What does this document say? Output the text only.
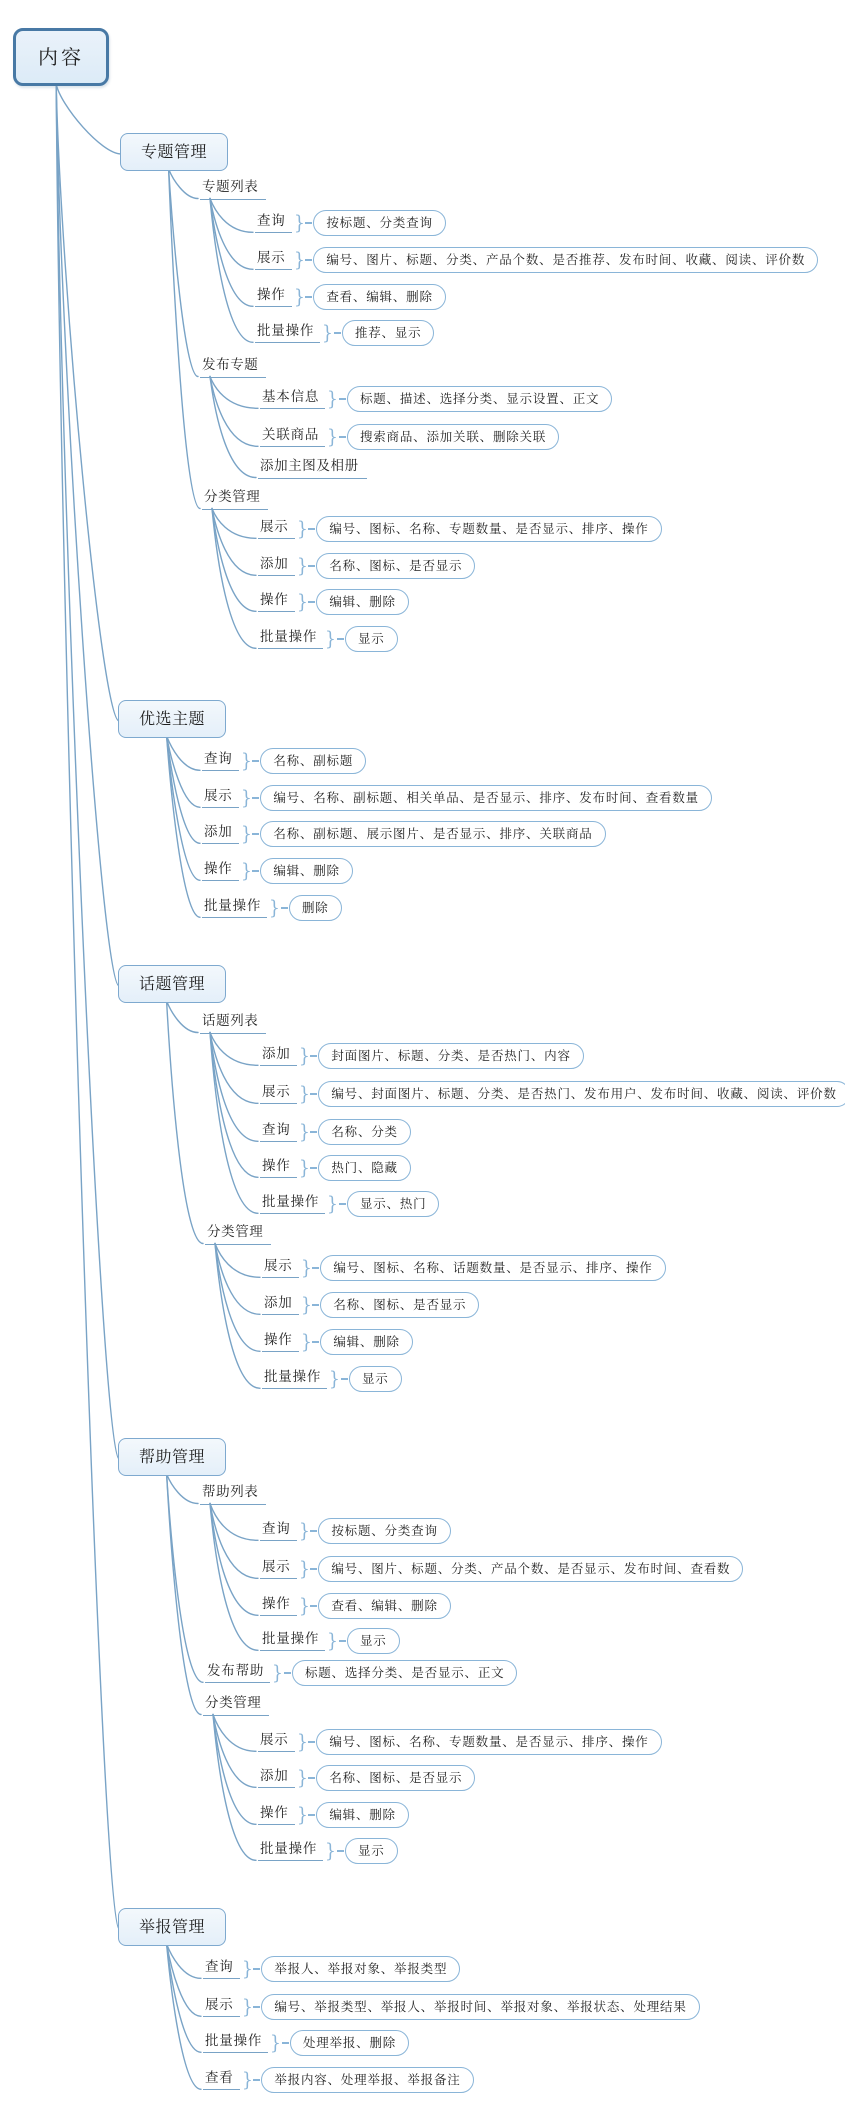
内容
专题管理
专题列表
查询 }	按标题、分类查询
展示 }	编号、图片、标题、分类、产品个数、是否推荐、发布时间、收藏、阅读、评价数
操作 }	查看、编辑、删除
批量操作 }	推荐、显示
发布专题
基本信息 }	标题、描述、选择分类、显示设置、正文
关联商品 }	搜索商品、添加关联、删除关联
添加主图及相册
分类管理
展示 }	编号、图标、名称、专题数量、是否显示、排序、操作
添加 }	名称、图标、是否显示
操作 }	编辑、删除
批量操作 }	显示
优选主题
查询 }	名称、副标题
展示 }	编号、名称、副标题、相关单品、是否显示、排序、发布时间、查看数量
添加 }	名称、副标题、展示图片、是否显示、排序、关联商品
操作 }	编辑、删除
批量操作 }	删除
话题管理
话题列表
添加 }	封面图片、标题、分类、是否热门、内容
展示 }	编号、封面图片、标题、分类、是否热门、发布用户、发布时间、收藏、阅读、评价数
查询 }	名称、分类
操作 }	热门、隐藏
批量操作 }	显示、热门
分类管理
展示 }	编号、图标、名称、话题数量、是否显示、排序、操作
添加 }	名称、图标、是否显示
操作 }	编辑、删除
批量操作 }	显示
帮助管理
帮助列表
查询 }	按标题、分类查询
展示 }	编号、图片、标题、分类、产品个数、是否显示、发布时间、查看数
操作 }	查看、编辑、删除
批量操作 }	显示
发布帮助 }	标题、选择分类、是否显示、正文
分类管理
展示 }	编号、图标、名称、专题数量、是否显示、排序、操作
添加 }	名称、图标、是否显示
操作 }	编辑、删除
批量操作 }	显示
举报管理
查询 }	举报人、举报对象、举报类型
展示 }	编号、举报类型、举报人、举报时间、举报对象、举报状态、处理结果
批量操作 }	处理举报、删除
查看 }	举报内容、处理举报、举报备注
